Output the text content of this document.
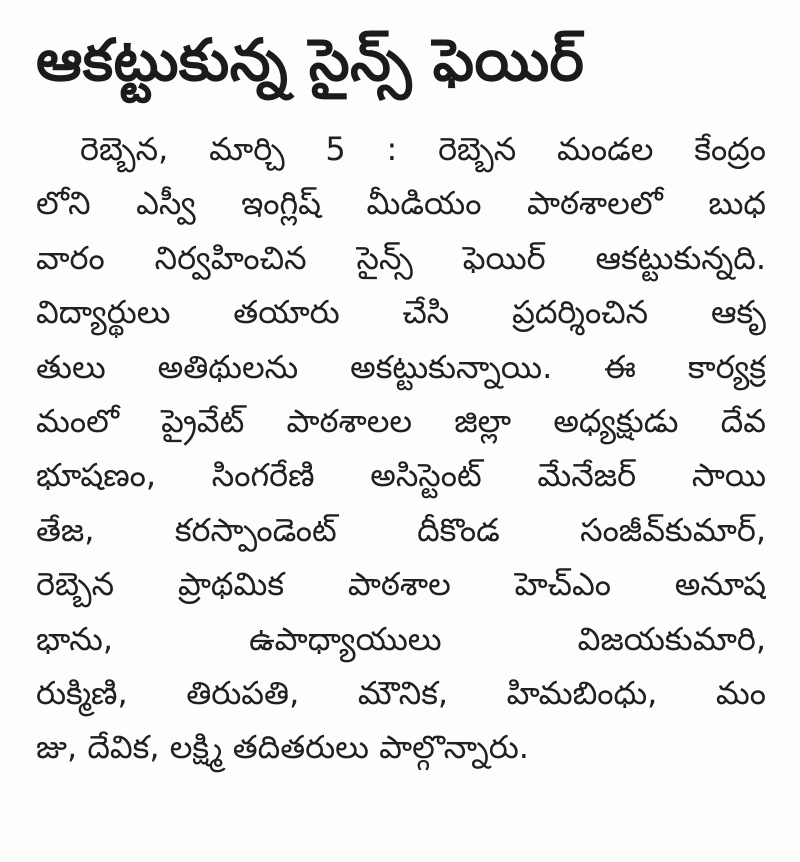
ఆకట్టుకున్న సైన్స్ ఫెయిర్
రెబ్బెన, మార్చి 5 : రెబ్బెన మండల కేంద్రం
లోని ఎస్వీ ఇంగ్లిష్ మీడియం పాఠశాలలో బుధ
వారం నిర్వహించిన సైన్స్ ఫెయిర్ ఆకట్టుకున్నది.
విద్యార్థులు తయారు చేసి ప్రదర్శించిన ఆకృ
తులు అతిథులను అకట్టుకున్నాయి. ఈ కార్యక్ర
మంలో ప్రైవేట్ పాఠశాలల జిల్లా అధ్యక్షుడు దేవ
భూషణం, సింగరేణి అసిస్టెంట్ మేనేజర్ సాయి
తేజ, కరస్పాండెంట్ దీకొండ సంజీవ్‌కుమార్,
రెబ్బెన ప్రాథమిక పాఠశాల హెచ్‌ఎం అనూష
భాను, ఉపాధ్యాయులు విజయకుమారి,
రుక్మిణి, తిరుపతి, మౌనిక, హిమబింధు, మం
జు, దేవిక, లక్ష్మి తదితరులు పాల్గొన్నారు.
